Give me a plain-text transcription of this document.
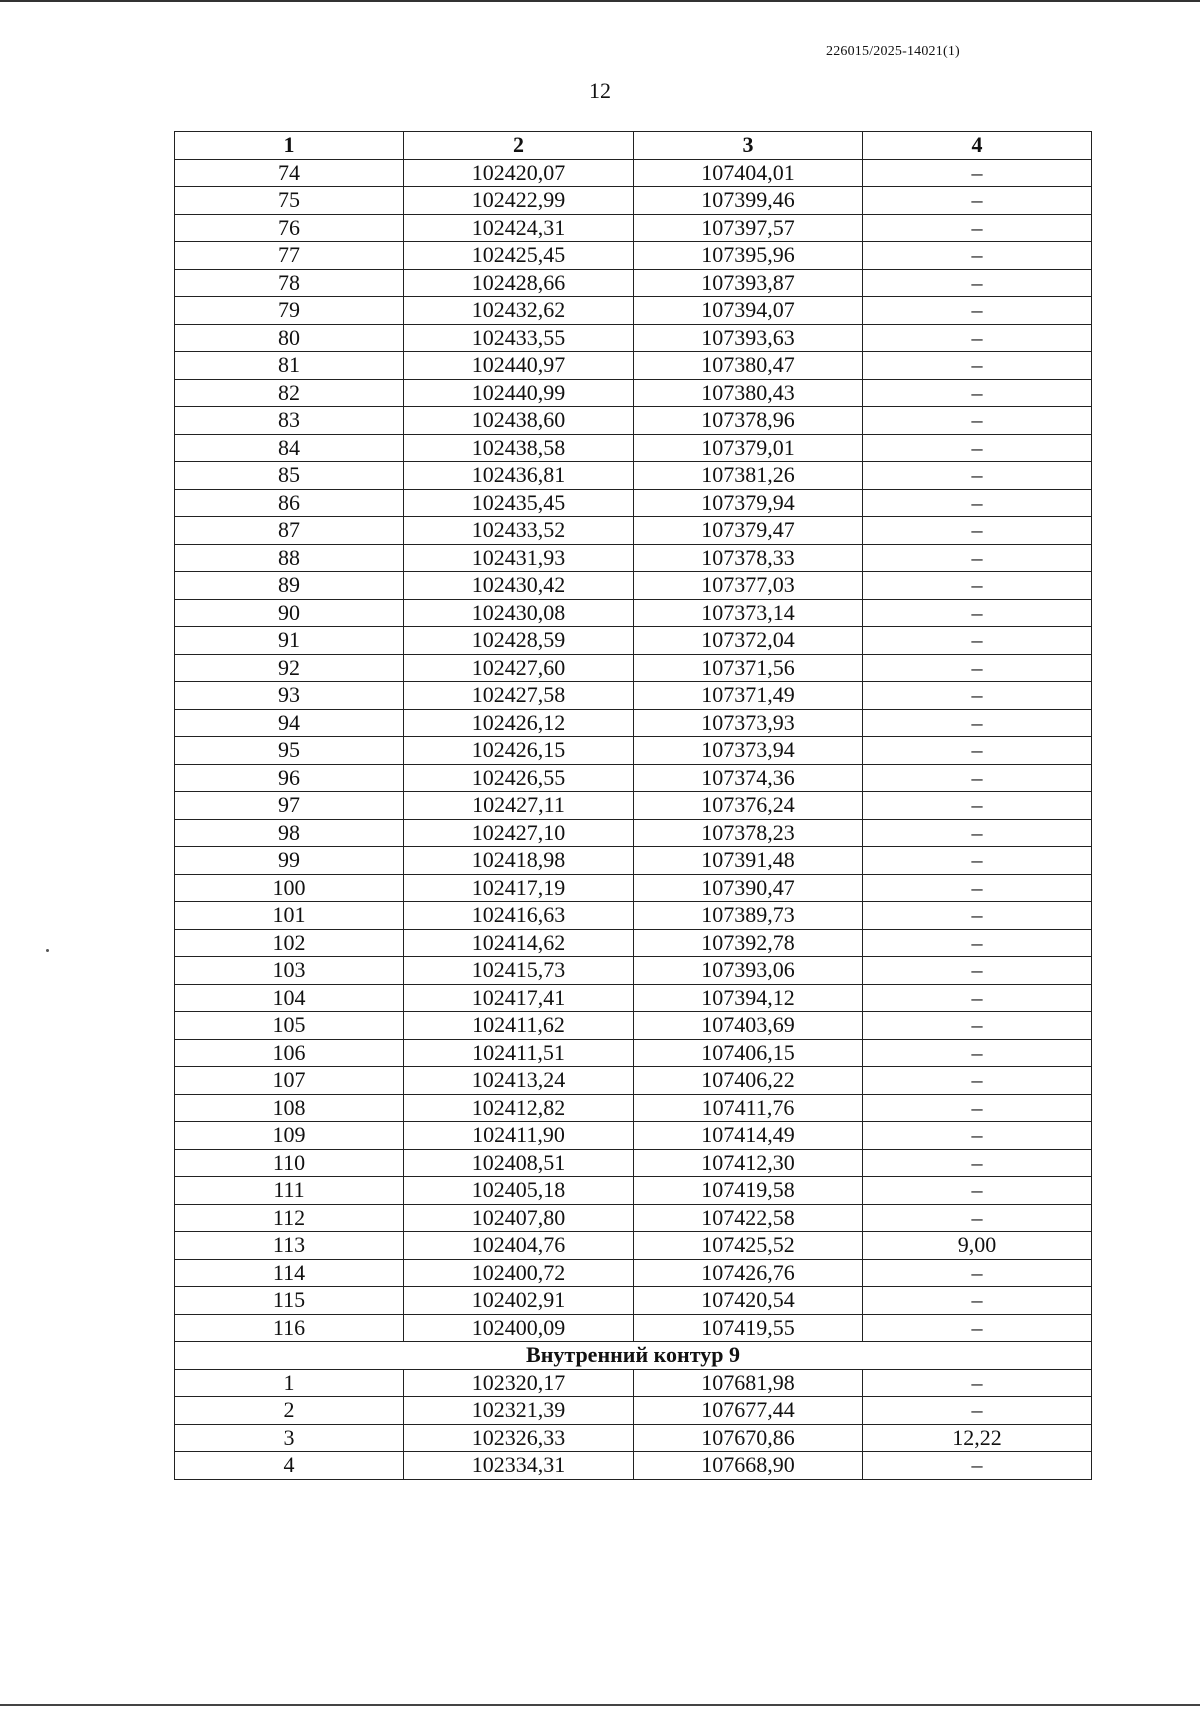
226015/2025-14021(1)
12
1	2	3	4
74	102420,07	107404,01	–
75	102422,99	107399,46	–
76	102424,31	107397,57	–
77	102425,45	107395,96	–
78	102428,66	107393,87	–
79	102432,62	107394,07	–
80	102433,55	107393,63	–
81	102440,97	107380,47	–
82	102440,99	107380,43	–
83	102438,60	107378,96	–
84	102438,58	107379,01	–
85	102436,81	107381,26	–
86	102435,45	107379,94	–
87	102433,52	107379,47	–
88	102431,93	107378,33	–
89	102430,42	107377,03	–
90	102430,08	107373,14	–
91	102428,59	107372,04	–
92	102427,60	107371,56	–
93	102427,58	107371,49	–
94	102426,12	107373,93	–
95	102426,15	107373,94	–
96	102426,55	107374,36	–
97	102427,11	107376,24	–
98	102427,10	107378,23	–
99	102418,98	107391,48	–
100	102417,19	107390,47	–
101	102416,63	107389,73	–
102	102414,62	107392,78	–
103	102415,73	107393,06	–
104	102417,41	107394,12	–
105	102411,62	107403,69	–
106	102411,51	107406,15	–
107	102413,24	107406,22	–
108	102412,82	107411,76	–
109	102411,90	107414,49	–
110	102408,51	107412,30	–
111	102405,18	107419,58	–
112	102407,80	107422,58	–
113	102404,76	107425,52	9,00
114	102400,72	107426,76	–
115	102402,91	107420,54	–
116	102400,09	107419,55	–
Внутренний контур 9			
1	102320,17	107681,98	–
2	102321,39	107677,44	–
3	102326,33	107670,86	12,22
4	102334,31	107668,90	–
